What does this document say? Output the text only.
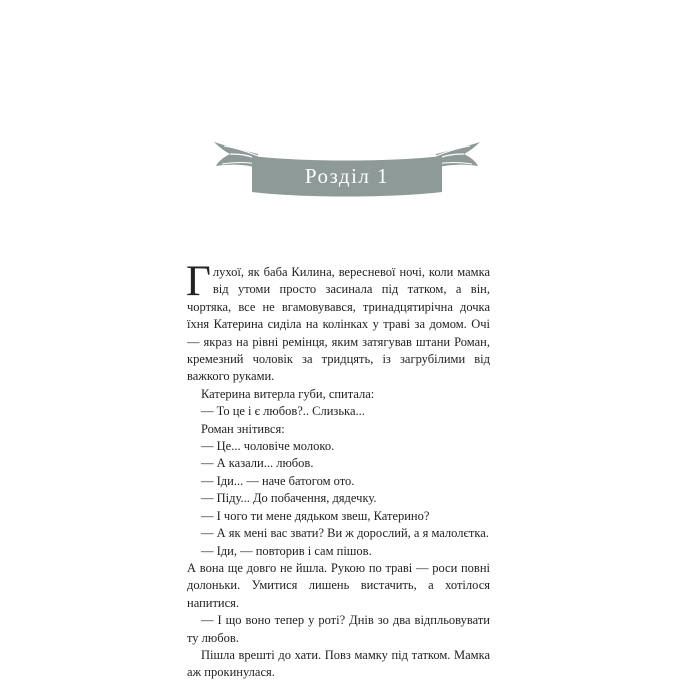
Розділ 1

Глухої, як баба Килина, вересневої ночі, коли мамка від утоми просто засинала під татком, а він, чортяка, все не вгамовувався, тринадцятирічна дочка їхня Катерина сиділа на колінках у траві за домом. Очі — якраз на рівні ремінця, яким затягував штани Роман, кремезний чоловік за тридцять, із загрубілими від важкого руками.

Катерина витерла губи, спитала:

— То це і є любов?.. Слизька...

Роман знітився:

— Це... чоловіче молоко.

— А казали... любов.

— Іди... — наче батогом ото.

— Піду... До побачення, дядечку.

— І чого ти мене дядьком звеш, Катерино?

— А як мені вас звати? Ви ж дорослий, а я малолєтка.

— Іди, — повторив і сам пішов.

А вона ще довго не йшла. Рукою по траві — роси повні долоньки. Умитися лишень вистачить, а хотілося напитися.

— І що воно тепер у роті? Днів зо два відпльовувати ту любов.

Пішла врешті до хати. Повз мамку під татком. Мамка аж прокинулася.
